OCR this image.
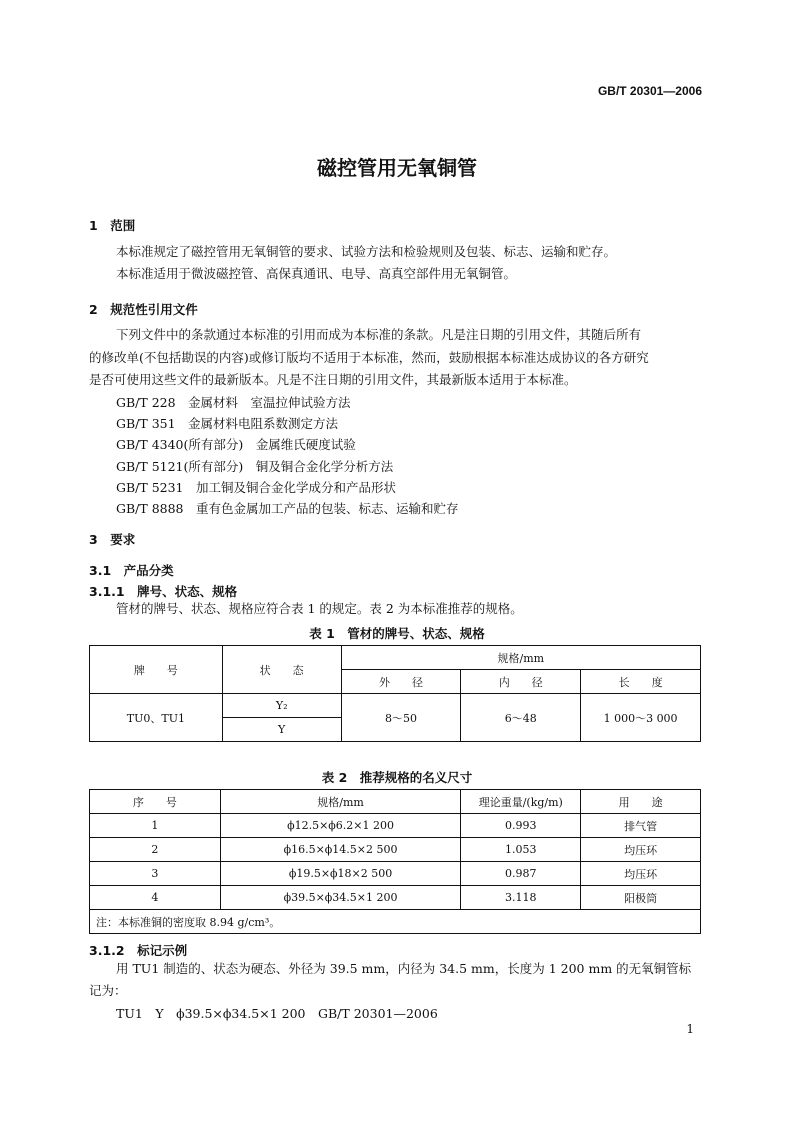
GB/T 20301—2006
磁控管用无氧铜管
1　范围
本标准规定了磁控管用无氧铜管的要求、试验方法和检验规则及包装、标志、运输和贮存。
本标准适用于微波磁控管、高保真通讯、电导、高真空部件用无氧铜管。
2　规范性引用文件
下列文件中的条款通过本标准的引用而成为本标准的条款。凡是注日期的引用文件，其随后所有
的修改单(不包括勘误的内容)或修订版均不适用于本标准，然而，鼓励根据本标准达成协议的各方研究
是否可使用这些文件的最新版本。凡是不注日期的引用文件，其最新版本适用于本标准。
GB/T 228　金属材料　室温拉伸试验方法
GB/T 351　金属材料电阻系数测定方法
GB/T 4340(所有部分)　金属维氏硬度试验
GB/T 5121(所有部分)　铜及铜合金化学分析方法
GB/T 5231　加工铜及铜合金化学成分和产品形状
GB/T 8888　重有色金属加工产品的包装、标志、运输和贮存
3　要求
3.1　产品分类
3.1.1　牌号、状态、规格
管材的牌号、状态、规格应符合表 1 的规定。表 2 为本标准推荐的规格。
表 1　管材的牌号、状态、规格
牌　　号	状　　态	规格/mm		
		外　　径	内　　径	长　　度
TU0、TU1	Y₂	8～50	6～48	1 000～3 000
	Y			
表 2　推荐规格的名义尺寸
序　　号	规格/mm	理论重量/(kg/m)	用　　途
1	ϕ12.5×ϕ6.2×1 200	0.993	排气管
2	ϕ16.5×ϕ14.5×2 500	1.053	均压环
3	ϕ19.5×ϕ18×2 500	0.987	均压环
4	ϕ39.5×ϕ34.5×1 200	3.118	阳极筒
注：本标准铜的密度取 8.94 g/cm³。			
3.1.2　标记示例
用 TU1 制造的、状态为硬态、外径为 39.5 mm，内径为 34.5 mm，长度为 1 200 mm 的无氧铜管标
记为：
TU1　Y　ϕ39.5×ϕ34.5×1 200　GB/T 20301—2006
1
